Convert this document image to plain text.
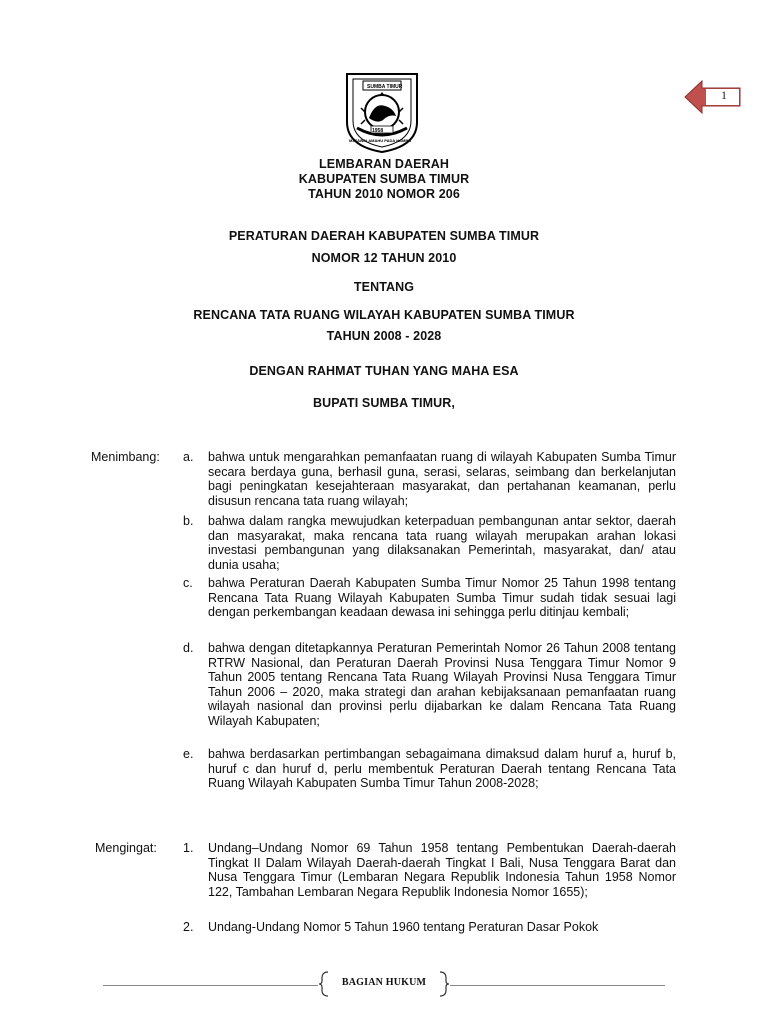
1
SUMBA TIMUR
1958
MATAWAI AMAHU PADA HAMBA
LEMBARAN DAERAH
KABUPATEN SUMBA TIMUR
TAHUN 2010 NOMOR 206
PERATURAN DAERAH KABUPATEN SUMBA TIMUR
NOMOR 12 TAHUN 2010
TENTANG
RENCANA TATA RUANG WILAYAH KABUPATEN SUMBA TIMUR
TAHUN 2008 - 2028
DENGAN RAHMAT TUHAN YANG MAHA ESA
BUPATI SUMBA TIMUR,
Menimbang: a. bahwa untuk mengarahkan pemanfaatan ruang di wilayah Kabupaten Sumba Timur secara berdaya guna, berhasil guna, serasi, selaras, seimbang dan berkelanjutan bagi peningkatan kesejahteraan masyarakat, dan pertahanan keamanan, perlu disusun rencana tata ruang wilayah;
b. bahwa dalam rangka mewujudkan keterpaduan pembangunan antar sektor, daerah dan masyarakat, maka rencana tata ruang wilayah merupakan arahan lokasi investasi pembangunan yang dilaksanakan Pemerintah, masyarakat, dan/ atau dunia usaha;
c. bahwa Peraturan Daerah Kabupaten Sumba Timur Nomor 25 Tahun 1998 tentang Rencana Tata Ruang Wilayah Kabupaten Sumba Timur sudah tidak sesuai lagi dengan perkembangan keadaan dewasa ini sehingga perlu ditinjau kembali;
d. bahwa dengan ditetapkannya Peraturan Pemerintah Nomor 26 Tahun 2008 tentang RTRW Nasional, dan Peraturan Daerah Provinsi Nusa Tenggara Timur Nomor 9 Tahun 2005 tentang Rencana Tata Ruang Wilayah Provinsi Nusa Tenggara Timur Tahun 2006 – 2020, maka strategi dan arahan kebijaksanaan pemanfaatan ruang wilayah nasional dan provinsi perlu dijabarkan ke dalam Rencana Tata Ruang Wilayah Kabupaten;
e. bahwa berdasarkan pertimbangan sebagaimana dimaksud dalam huruf a, huruf b, huruf c dan huruf d, perlu membentuk Peraturan Daerah tentang Rencana Tata Ruang Wilayah Kabupaten Sumba Timur Tahun 2008-2028;
Mengingat: 1. Undang–Undang Nomor 69 Tahun 1958 tentang Pembentukan Daerah-daerah Tingkat II Dalam Wilayah Daerah-daerah Tingkat I Bali, Nusa Tenggara Barat dan Nusa Tenggara Timur (Lembaran Negara Republik Indonesia Tahun 1958 Nomor 122, Tambahan Lembaran Negara Republik Indonesia Nomor 1655);
2. Undang-Undang Nomor 5 Tahun 1960 tentang Peraturan Dasar Pokok
BAGIAN HUKUM
